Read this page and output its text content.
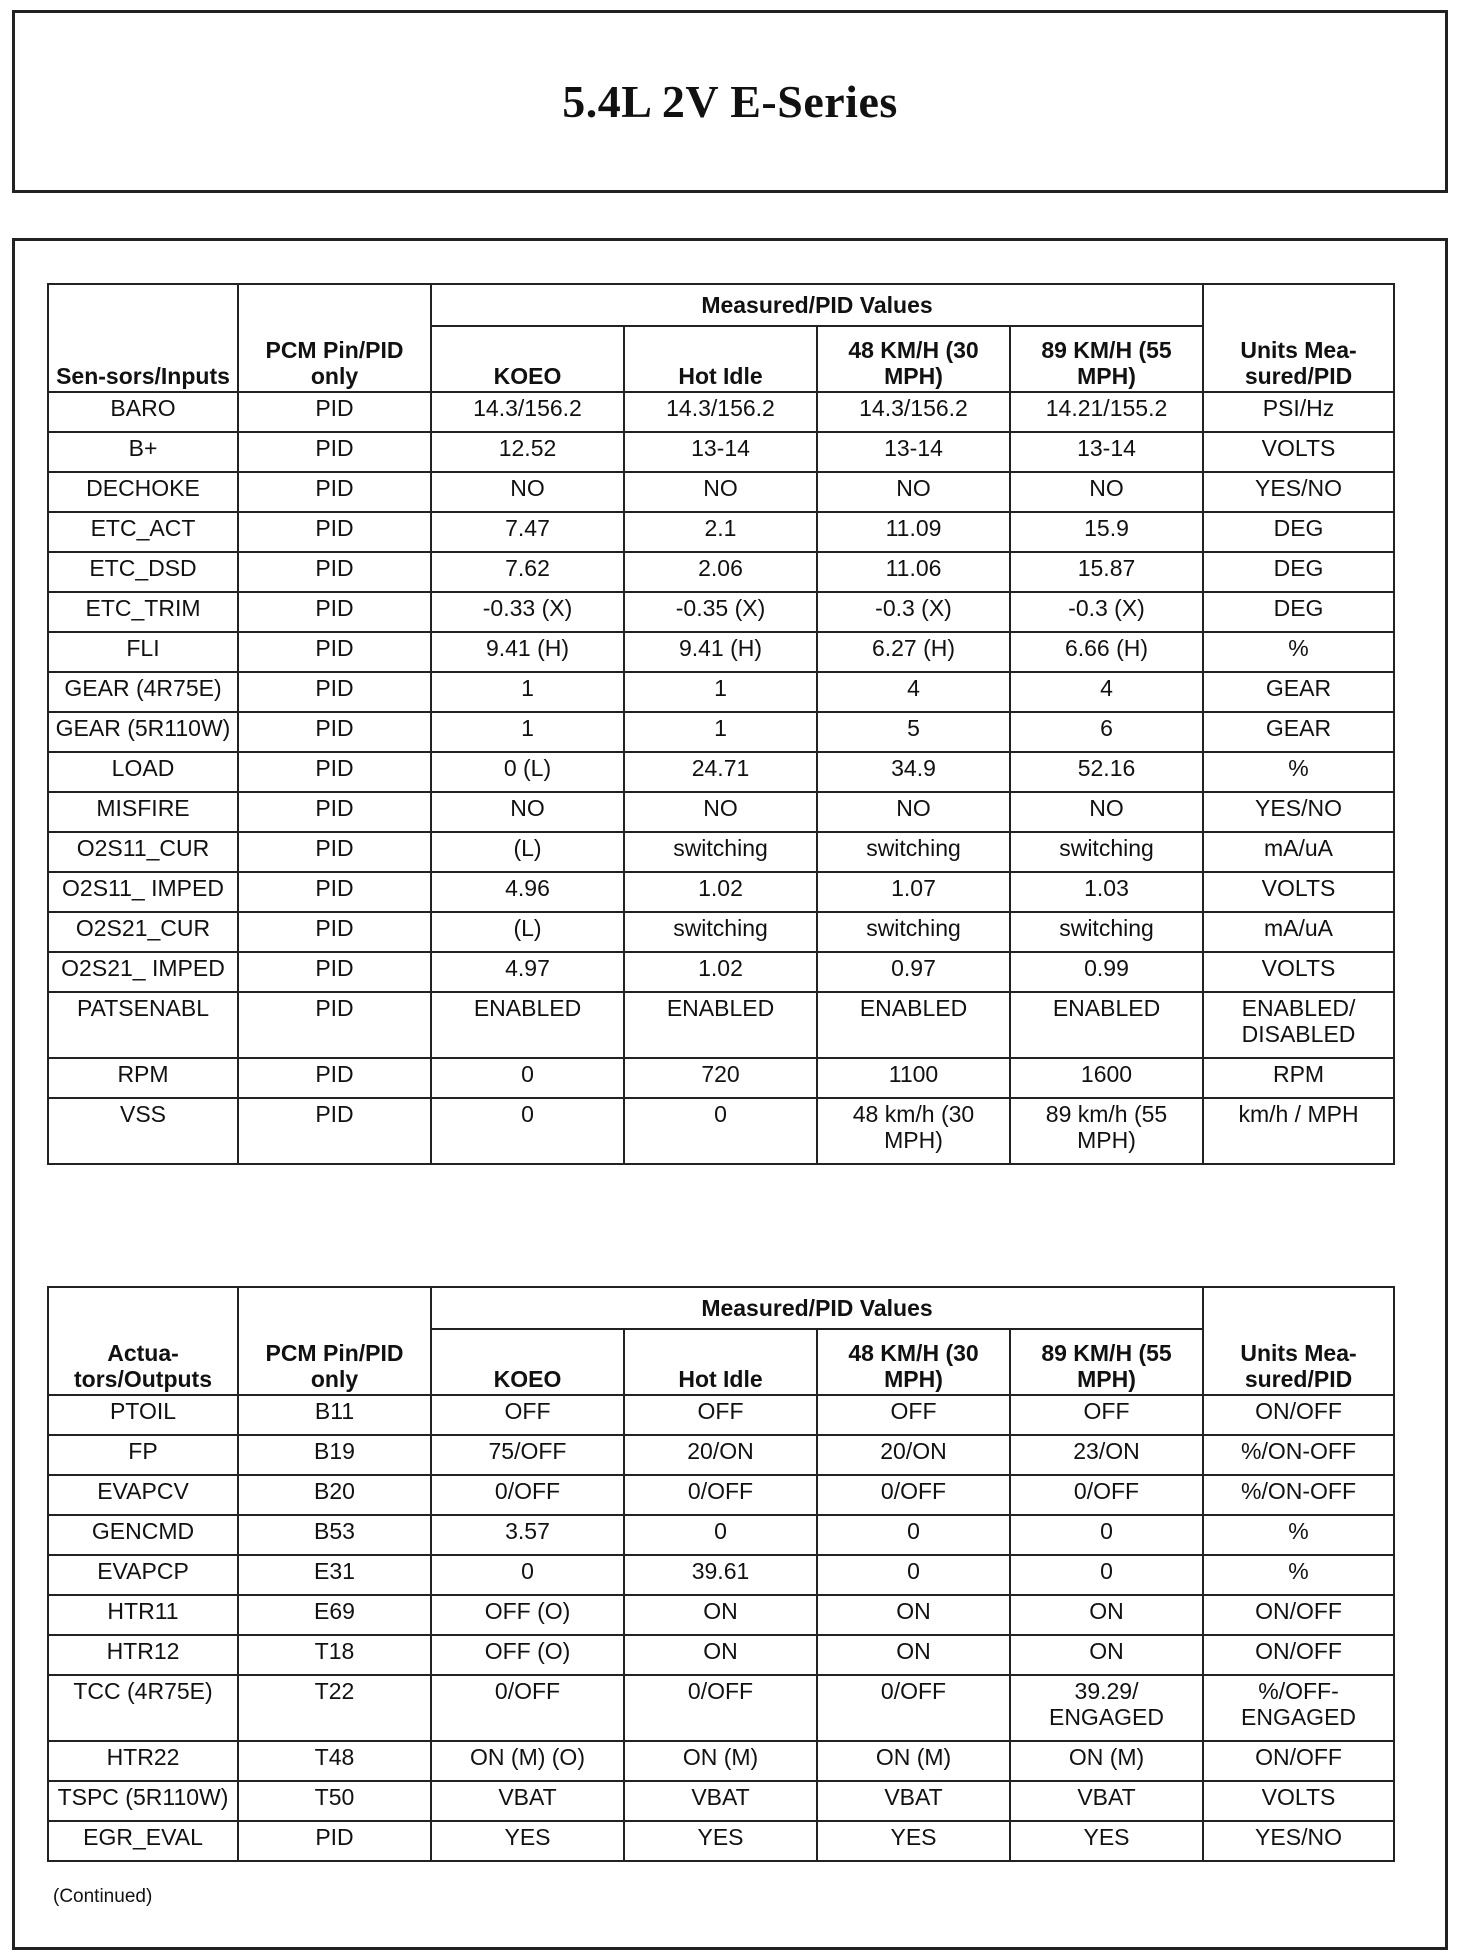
5.4L 2V E-Series
Sen-sors/Inputs	PCM Pin/PID only	Measured/PID Values				Units Mea-sured/PID
		KOEO	Hot Idle	48 KM/H (30 MPH)	89 KM/H (55 MPH)	
BARO	PID	14.3/156.2	14.3/156.2	14.3/156.2	14.21/155.2	PSI/Hz
B+	PID	12.52	13-14	13-14	13-14	VOLTS
DECHOKE	PID	NO	NO	NO	NO	YES/NO
ETC_ACT	PID	7.47	2.1	11.09	15.9	DEG
ETC_DSD	PID	7.62	2.06	11.06	15.87	DEG
ETC_TRIM	PID	-0.33 (X)	-0.35 (X)	-0.3 (X)	-0.3 (X)	DEG
FLI	PID	9.41 (H)	9.41 (H)	6.27 (H)	6.66 (H)	%
GEAR (4R75E)	PID	1	1	4	4	GEAR
GEAR (5R110W)	PID	1	1	5	6	GEAR
LOAD	PID	0 (L)	24.71	34.9	52.16	%
MISFIRE	PID	NO	NO	NO	NO	YES/NO
O2S11_CUR	PID	(L)	switching	switching	switching	mA/uA
O2S11_ IMPED	PID	4.96	1.02	1.07	1.03	VOLTS
O2S21_CUR	PID	(L)	switching	switching	switching	mA/uA
O2S21_ IMPED	PID	4.97	1.02	0.97	0.99	VOLTS
PATSENABL	PID	ENABLED	ENABLED	ENABLED	ENABLED	ENABLED/ DISABLED
RPM	PID	0	720	1100	1600	RPM
VSS	PID	0	0	48 km/h (30 MPH)	89 km/h (55 MPH)	km/h / MPH
Actua-tors/Outputs	PCM Pin/PID only	Measured/PID Values				Units Mea-sured/PID
		KOEO	Hot Idle	48 KM/H (30 MPH)	89 KM/H (55 MPH)	
PTOIL	B11	OFF	OFF	OFF	OFF	ON/OFF
FP	B19	75/OFF	20/ON	20/ON	23/ON	%/ON-OFF
EVAPCV	B20	0/OFF	0/OFF	0/OFF	0/OFF	%/ON-OFF
GENCMD	B53	3.57	0	0	0	%
EVAPCP	E31	0	39.61	0	0	%
HTR11	E69	OFF (O)	ON	ON	ON	ON/OFF
HTR12	T18	OFF (O)	ON	ON	ON	ON/OFF
TCC (4R75E)	T22	0/OFF	0/OFF	0/OFF	39.29/ ENGAGED	%/OFF-ENGAGED
HTR22	T48	ON (M) (O)	ON (M)	ON (M)	ON (M)	ON/OFF
TSPC (5R110W)	T50	VBAT	VBAT	VBAT	VBAT	VOLTS
EGR_EVAL	PID	YES	YES	YES	YES	YES/NO
(Continued)
